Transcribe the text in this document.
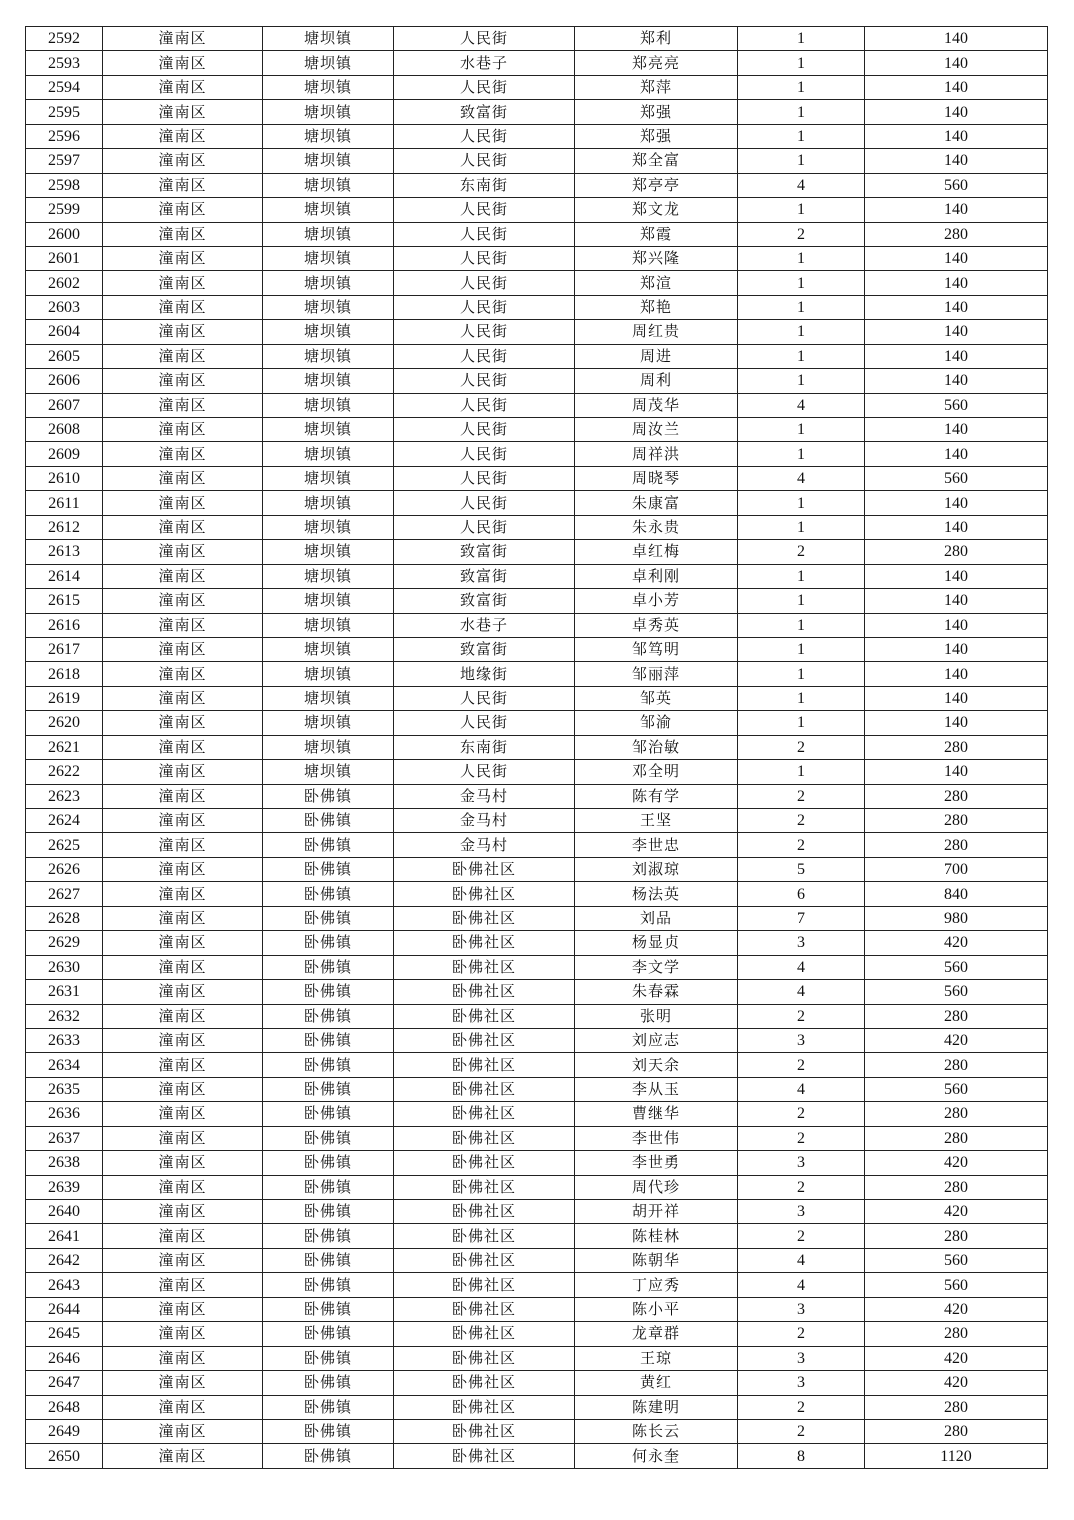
2592	潼南区	塘坝镇	人民街	郑利	1	140
2593	潼南区	塘坝镇	水巷子	郑亮亮	1	140
2594	潼南区	塘坝镇	人民街	郑萍	1	140
2595	潼南区	塘坝镇	致富街	郑强	1	140
2596	潼南区	塘坝镇	人民街	郑强	1	140
2597	潼南区	塘坝镇	人民街	郑全富	1	140
2598	潼南区	塘坝镇	东南街	郑亭亭	4	560
2599	潼南区	塘坝镇	人民街	郑文龙	1	140
2600	潼南区	塘坝镇	人民街	郑霞	2	280
2601	潼南区	塘坝镇	人民街	郑兴隆	1	140
2602	潼南区	塘坝镇	人民街	郑渲	1	140
2603	潼南区	塘坝镇	人民街	郑艳	1	140
2604	潼南区	塘坝镇	人民街	周红贵	1	140
2605	潼南区	塘坝镇	人民街	周进	1	140
2606	潼南区	塘坝镇	人民街	周利	1	140
2607	潼南区	塘坝镇	人民街	周茂华	4	560
2608	潼南区	塘坝镇	人民街	周汝兰	1	140
2609	潼南区	塘坝镇	人民街	周祥洪	1	140
2610	潼南区	塘坝镇	人民街	周晓琴	4	560
2611	潼南区	塘坝镇	人民街	朱康富	1	140
2612	潼南区	塘坝镇	人民街	朱永贵	1	140
2613	潼南区	塘坝镇	致富街	卓红梅	2	280
2614	潼南区	塘坝镇	致富街	卓利刚	1	140
2615	潼南区	塘坝镇	致富街	卓小芳	1	140
2616	潼南区	塘坝镇	水巷子	卓秀英	1	140
2617	潼南区	塘坝镇	致富街	邹笃明	1	140
2618	潼南区	塘坝镇	地缘街	邹丽萍	1	140
2619	潼南区	塘坝镇	人民街	邹英	1	140
2620	潼南区	塘坝镇	人民街	邹渝	1	140
2621	潼南区	塘坝镇	东南街	邹治敏	2	280
2622	潼南区	塘坝镇	人民街	邓全明	1	140
2623	潼南区	卧佛镇	金马村	陈有学	2	280
2624	潼南区	卧佛镇	金马村	王坚	2	280
2625	潼南区	卧佛镇	金马村	李世忠	2	280
2626	潼南区	卧佛镇	卧佛社区	刘淑琼	5	700
2627	潼南区	卧佛镇	卧佛社区	杨法英	6	840
2628	潼南区	卧佛镇	卧佛社区	刘品	7	980
2629	潼南区	卧佛镇	卧佛社区	杨显贞	3	420
2630	潼南区	卧佛镇	卧佛社区	李文学	4	560
2631	潼南区	卧佛镇	卧佛社区	朱春霖	4	560
2632	潼南区	卧佛镇	卧佛社区	张明	2	280
2633	潼南区	卧佛镇	卧佛社区	刘应志	3	420
2634	潼南区	卧佛镇	卧佛社区	刘天余	2	280
2635	潼南区	卧佛镇	卧佛社区	李从玉	4	560
2636	潼南区	卧佛镇	卧佛社区	曹继华	2	280
2637	潼南区	卧佛镇	卧佛社区	李世伟	2	280
2638	潼南区	卧佛镇	卧佛社区	李世勇	3	420
2639	潼南区	卧佛镇	卧佛社区	周代珍	2	280
2640	潼南区	卧佛镇	卧佛社区	胡开祥	3	420
2641	潼南区	卧佛镇	卧佛社区	陈桂林	2	280
2642	潼南区	卧佛镇	卧佛社区	陈朝华	4	560
2643	潼南区	卧佛镇	卧佛社区	丁应秀	4	560
2644	潼南区	卧佛镇	卧佛社区	陈小平	3	420
2645	潼南区	卧佛镇	卧佛社区	龙章群	2	280
2646	潼南区	卧佛镇	卧佛社区	王琼	3	420
2647	潼南区	卧佛镇	卧佛社区	黄红	3	420
2648	潼南区	卧佛镇	卧佛社区	陈建明	2	280
2649	潼南区	卧佛镇	卧佛社区	陈长云	2	280
2650	潼南区	卧佛镇	卧佛社区	何永奎	8	1120
